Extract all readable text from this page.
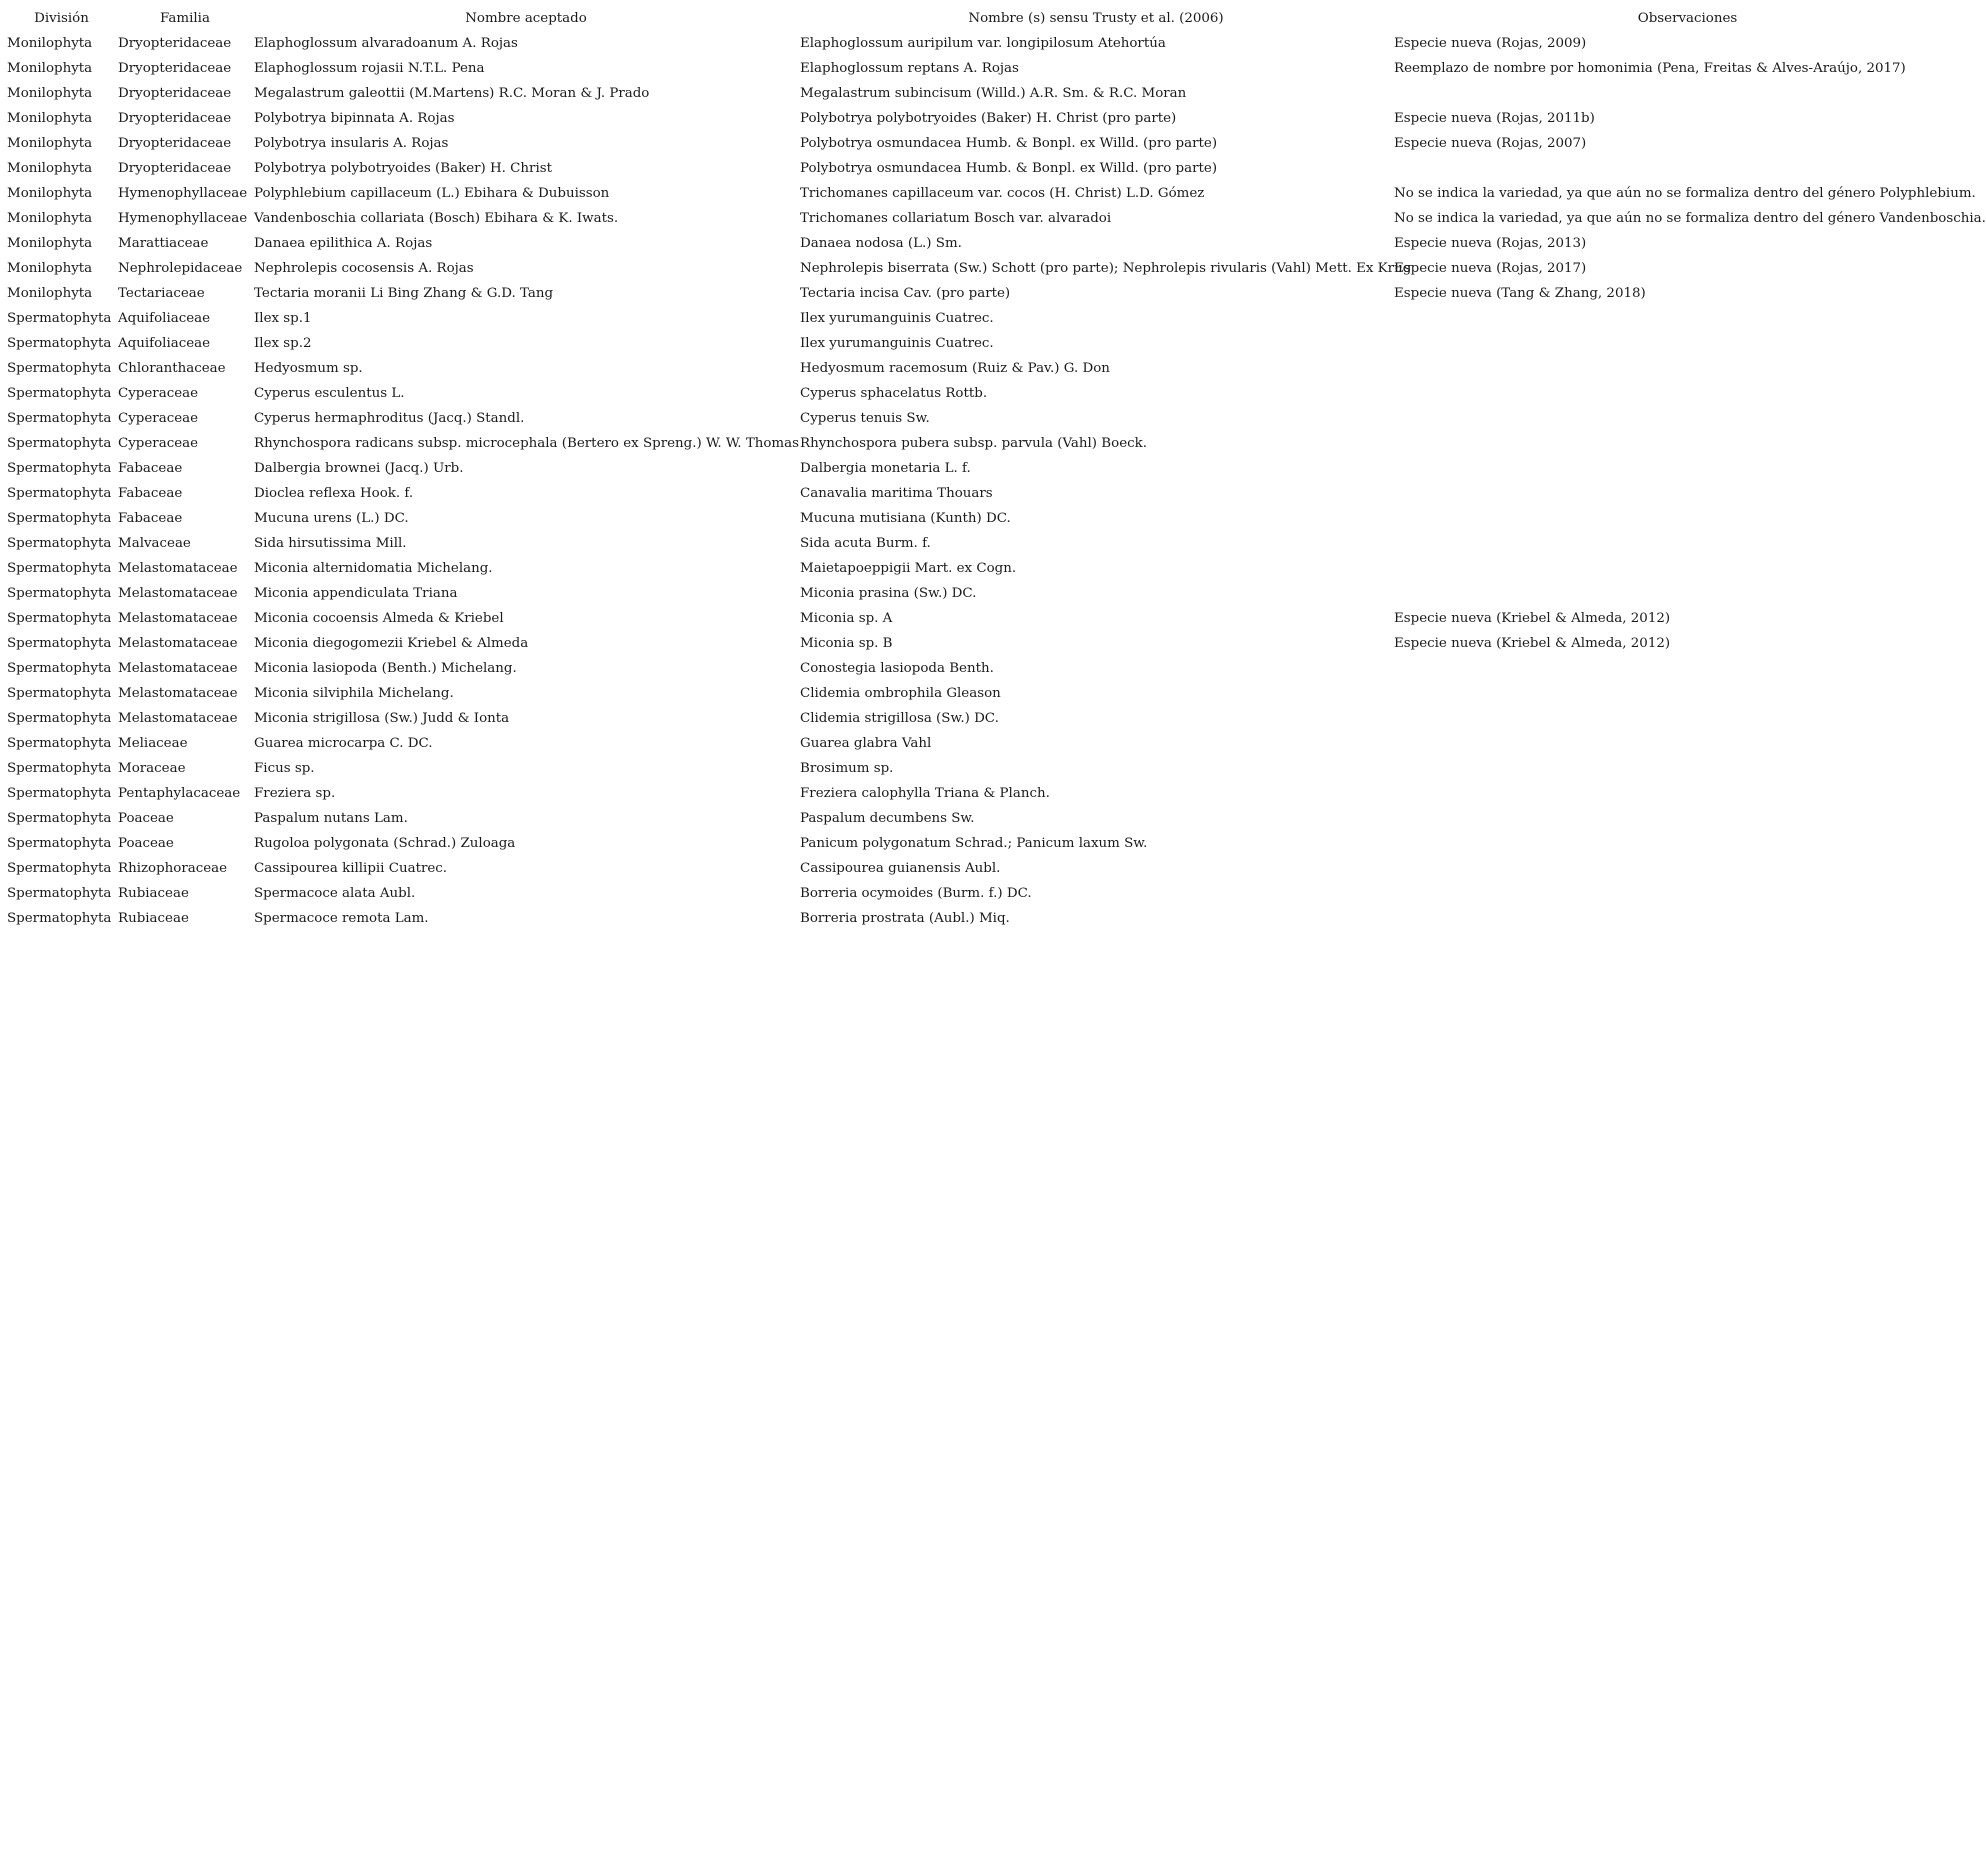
División	Familia	Nombre aceptado	Nombre (s) sensu Trusty et al. (2006)	Observaciones
Monilophyta	Dryopteridaceae	Elaphoglossum alvaradoanum A. Rojas	Elaphoglossum auripilum var. longipilosum Atehortúa	Especie nueva (Rojas, 2009)
Monilophyta	Dryopteridaceae	Elaphoglossum rojasii N.T.L. Pena	Elaphoglossum reptans A. Rojas	Reemplazo de nombre por homonimia (Pena, Freitas & Alves-Araújo, 2017)
Monilophyta	Dryopteridaceae	Megalastrum galeottii (M.Martens) R.C. Moran & J. Prado	Megalastrum subincisum (Willd.) A.R. Sm. & R.C. Moran	
Monilophyta	Dryopteridaceae	Polybotrya bipinnata A. Rojas	Polybotrya polybotryoides (Baker) H. Christ (pro parte)	Especie nueva (Rojas, 2011b)
Monilophyta	Dryopteridaceae	Polybotrya insularis A. Rojas	Polybotrya osmundacea Humb. & Bonpl. ex Willd. (pro parte)	Especie nueva (Rojas, 2007)
Monilophyta	Dryopteridaceae	Polybotrya polybotryoides (Baker) H. Christ	Polybotrya osmundacea Humb. & Bonpl. ex Willd. (pro parte)	
Monilophyta	Hymenophyllaceae	Polyphlebium capillaceum (L.) Ebihara & Dubuisson	Trichomanes capillaceum var. cocos (H. Christ) L.D. Gómez	No se indica la variedad, ya que aún no se formaliza dentro del género Polyphlebium.
Monilophyta	Hymenophyllaceae	Vandenboschia collariata (Bosch) Ebihara & K. Iwats.	Trichomanes collariatum Bosch var. alvaradoi	No se indica la variedad, ya que aún no se formaliza dentro del género Vandenboschia.
Monilophyta	Marattiaceae	Danaea epilithica A. Rojas	Danaea nodosa (L.) Sm.	Especie nueva (Rojas, 2013)
Monilophyta	Nephrolepidaceae	Nephrolepis cocosensis A. Rojas	Nephrolepis biserrata (Sw.) Schott (pro parte); Nephrolepis rivularis (Vahl) Mett. Ex Krug	Especie nueva (Rojas, 2017)
Monilophyta	Tectariaceae	Tectaria moranii Li Bing Zhang & G.D. Tang	Tectaria incisa Cav. (pro parte)	Especie nueva (Tang & Zhang, 2018)
Spermatophyta	Aquifoliaceae	Ilex sp.1	Ilex yurumanguinis Cuatrec.	
Spermatophyta	Aquifoliaceae	Ilex sp.2	Ilex yurumanguinis Cuatrec.	
Spermatophyta	Chloranthaceae	Hedyosmum sp.	Hedyosmum racemosum (Ruiz & Pav.) G. Don	
Spermatophyta	Cyperaceae	Cyperus esculentus L.	Cyperus sphacelatus Rottb.	
Spermatophyta	Cyperaceae	Cyperus hermaphroditus (Jacq.) Standl.	Cyperus tenuis Sw.	
Spermatophyta	Cyperaceae	Rhynchospora radicans subsp. microcephala (Bertero ex Spreng.) W. W. Thomas	Rhynchospora pubera subsp. parvula (Vahl) Boeck.	
Spermatophyta	Fabaceae	Dalbergia brownei (Jacq.) Urb.	Dalbergia monetaria L. f.	
Spermatophyta	Fabaceae	Dioclea reflexa Hook. f.	Canavalia maritima Thouars	
Spermatophyta	Fabaceae	Mucuna urens (L.) DC.	Mucuna mutisiana (Kunth) DC.	
Spermatophyta	Malvaceae	Sida hirsutissima Mill.	Sida acuta Burm. f.	
Spermatophyta	Melastomataceae	Miconia alternidomatia Michelang.	Maietapoeppigii Mart. ex Cogn.	
Spermatophyta	Melastomataceae	Miconia appendiculata Triana	Miconia prasina (Sw.) DC.	
Spermatophyta	Melastomataceae	Miconia cocoensis Almeda & Kriebel	Miconia sp. A	Especie nueva (Kriebel & Almeda, 2012)
Spermatophyta	Melastomataceae	Miconia diegogomezii Kriebel & Almeda	Miconia sp. B	Especie nueva (Kriebel & Almeda, 2012)
Spermatophyta	Melastomataceae	Miconia lasiopoda (Benth.) Michelang.	Conostegia lasiopoda Benth.	
Spermatophyta	Melastomataceae	Miconia silviphila Michelang.	Clidemia ombrophila Gleason	
Spermatophyta	Melastomataceae	Miconia strigillosa (Sw.) Judd & Ionta	Clidemia strigillosa (Sw.) DC.	
Spermatophyta	Meliaceae	Guarea microcarpa C. DC.	Guarea glabra Vahl	
Spermatophyta	Moraceae	Ficus sp.	Brosimum sp.	
Spermatophyta	Pentaphylacaceae	Freziera sp.	Freziera calophylla Triana & Planch.	
Spermatophyta	Poaceae	Paspalum nutans Lam.	Paspalum decumbens Sw.	
Spermatophyta	Poaceae	Rugoloa polygonata (Schrad.) Zuloaga	Panicum polygonatum Schrad.; Panicum laxum Sw.	
Spermatophyta	Rhizophoraceae	Cassipourea killipii Cuatrec.	Cassipourea guianensis Aubl.	
Spermatophyta	Rubiaceae	Spermacoce alata Aubl.	Borreria ocymoides (Burm. f.) DC.	
Spermatophyta	Rubiaceae	Spermacoce remota Lam.	Borreria prostrata (Aubl.) Miq.	
